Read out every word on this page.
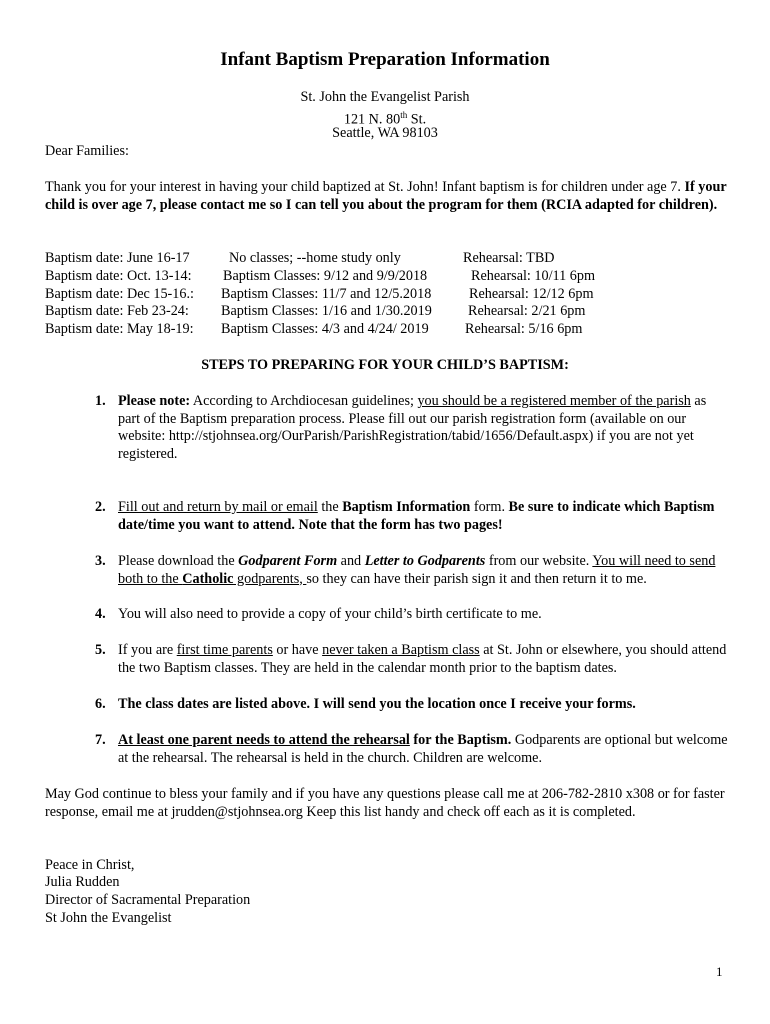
Infant Baptism Preparation Information
St. John the Evangelist Parish
121 N. 80th St.
Seattle, WA 98103
Dear Families:
Thank you for your interest in having your child baptized at St. John! Infant baptism is for children under age 7. If your child is over age 7, please contact me so I can tell you about the program for them (RCIA adapted for children).
Baptism date: June 16-17	No classes; --home study only	Rehearsal: TBD
Baptism date: Oct. 13-14: Baptism Classes: 9/12 and 9/9/2018	Rehearsal: 10/11 6pm
Baptism date: Dec 15-16.: Baptism Classes: 11/7 and 12/5.2018	Rehearsal: 12/12 6pm
Baptism date: Feb 23-24: Baptism Classes: 1/16 and 1/30.2019	Rehearsal: 2/21 6pm
Baptism date: May 18-19: Baptism Classes: 4/3 and 4/24/ 2019	Rehearsal: 5/16 6pm
STEPS TO PREPARING FOR YOUR CHILD’S BAPTISM:
1. Please note: According to Archdiocesan guidelines; you should be a registered member of the parish as part of the Baptism preparation process. Please fill out our parish registration form (available on our website: http://stjohnsea.org/OurParish/ParishRegistration/tabid/1656/Default.aspx) if you are not yet registered.
2. Fill out and return by mail or email the Baptism Information form. Be sure to indicate which Baptism date/time you want to attend. Note that the form has two pages!
3. Please download the Godparent Form and Letter to Godparents from our website. You will need to send both to the Catholic godparents, so they can have their parish sign it and then return it to me.
4. You will also need to provide a copy of your child’s birth certificate to me.
5. If you are first time parents or have never taken a Baptism class at St. John or elsewhere, you should attend the two Baptism classes. They are held in the calendar month prior to the baptism dates.
6. The class dates are listed above. I will send you the location once I receive your forms.
7. At least one parent needs to attend the rehearsal for the Baptism. Godparents are optional but welcome at the rehearsal. The rehearsal is held in the church. Children are welcome.
May God continue to bless your family and if you have any questions please call me at 206-782-2810 x308 or for faster response, email me at jrudden@stjohnsea.org Keep this list handy and check off each as it is completed.
Peace in Christ,
Julia Rudden
Director of Sacramental Preparation
St John the Evangelist
1
